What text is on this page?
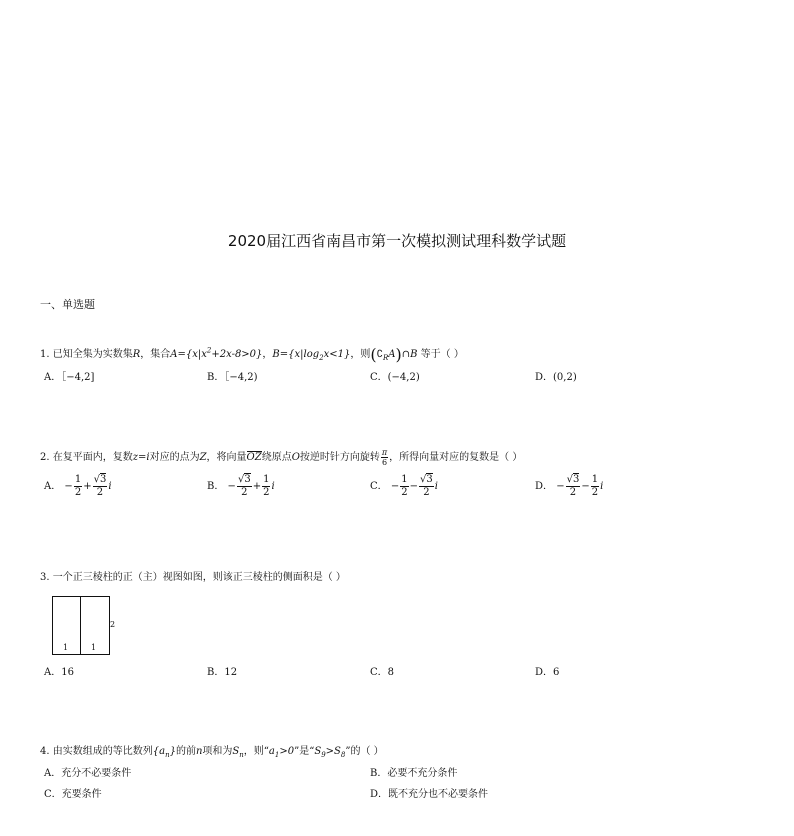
2020届江西省南昌市第一次模拟测试理科数学试题
一、单选题
1. 已知全集为实数集R，集合$A=\{x|x^2+2x-8>0\}$，$B=\{x|\log_2x<1\}$，则$(∁_RA)\cap B$ 等于（ ）
A．［−4,2]	B．［−4,2)	C．(−4,2)	D．(0,2)
2. 在复平面内，复数z=i对应的点为Z，将向量OZ绕原点O按逆时针方向旋转 $\frac{\pi}{6}$ ，所得向量对应的复数是（ ）
A． − $\frac{1}{2} + \frac{√3}{2}$ i	B． − $\frac{√3}{2} + \frac{1}{2}$ i	C． − $\frac{1}{2} - \frac{√3}{2}$ i	D． − $\frac{√3}{2} - \frac{1}{2}$ i
3. 一个正三棱柱的正（主）视图如图，则该正三棱柱的侧面积是（ ）
1	1
2
A．16	B．12	C．8	D．6
4. 由实数组成的等比数列$\{a_n\}$的前n项和为$S_n$，则“$a_1>0$”是“$S_9>S_8$”的（ ）
A．充分不必要条件	B．必要不充分条件
C．充要条件	D．既不充分也不必要条件
